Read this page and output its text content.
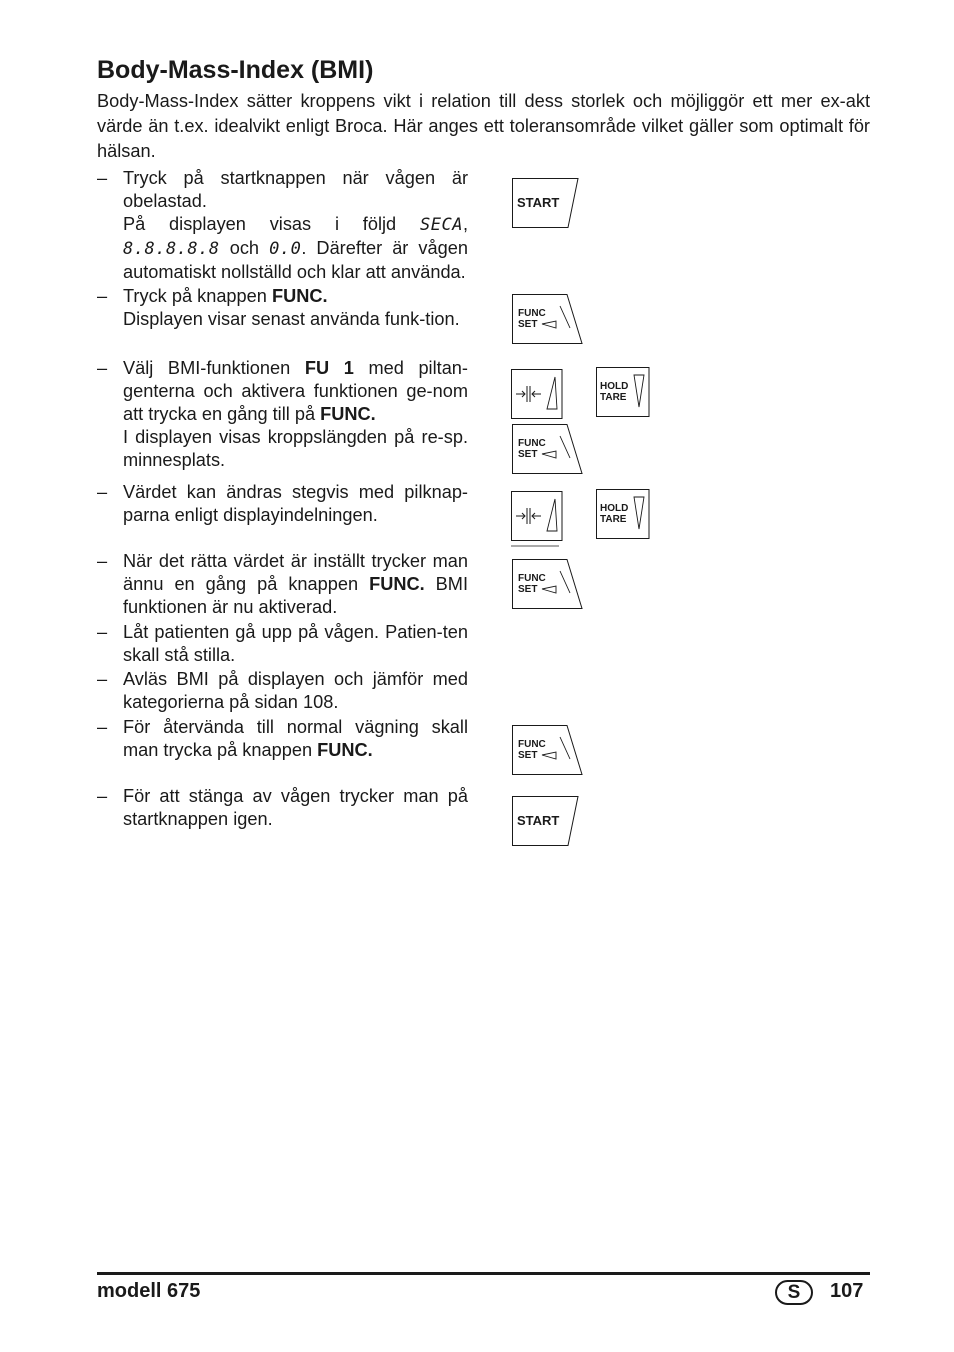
Body-Mass-Index (BMI)

Body-Mass-Index sätter kroppens vikt i relation till dess storlek och möjliggör ett mer ex-akt värde än t.ex. idealvikt enligt Broca. Här anges ett toleransområde vilket gäller som optimalt för hälsan.

– Tryck på startknappen när vågen är obelastad.

På displayen visas i följd SECA, 8.8.8.8.8 och 0.0. Därefter är vågen automatiskt nollställd och klar att använda.

– Tryck på knappen FUNC.

Displayen visar senast använda funk-tion.

– Välj BMI-funktionen FU 1 med piltan-genterna och aktivera funktionen ge-nom att trycka en gång till på FUNC.

I displayen visas kroppslängden på re-sp. minnesplats.

– Värdet kan ändras stegvis med pilknap-parna enligt displayindelningen.

– När det rätta värdet är inställt trycker man ännu en gång på knappen FUNC. BMI funktionen är nu aktiverad.

– Låt patienten gå upp på vågen. Patien-ten skall stå stilla.

– Avläs BMI på displayen och jämför med kategorierna på sidan 108.

– För återvända till normal vägning skall man trycka på knappen FUNC.

– För att stänga av vågen trycker man på startknappen igen.

START
FUNC
SET
HOLD
TARE
FUNC
SET
HOLD
TARE
FUNC
SET
FUNC
SET
START
modell 675	S	107
